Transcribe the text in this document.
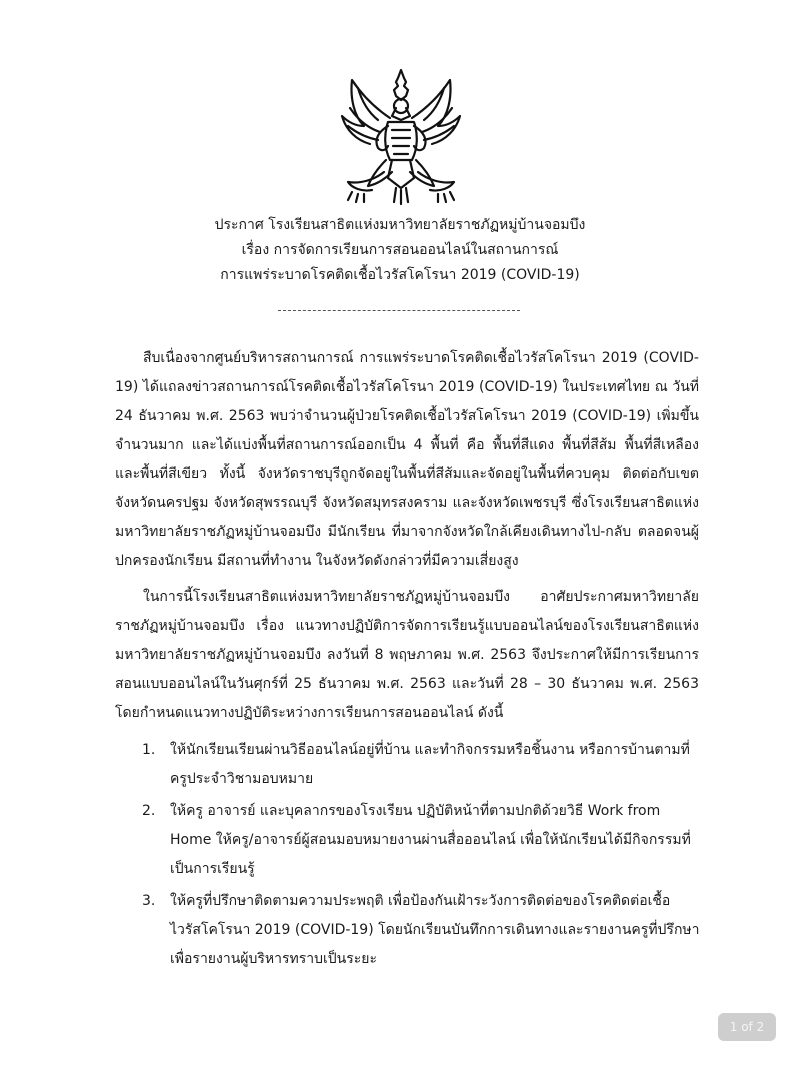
ประกาศ โรงเรียนสาธิตแห่งมหาวิทยาลัยราชภัฏหมู่บ้านจอมบึง
เรื่อง การจัดการเรียนการสอนออนไลน์ในสถานการณ์
การแพร่ระบาดโรคติดเชื้อไวรัสโคโรนา 2019 (COVID-19)
สืบเนื่องจากศูนย์บริหารสถานการณ์ การแพร่ระบาดโรคติดเชื้อไวรัสโคโรนา 2019 (COVID-19) ได้แถลงข่าวสถานการณ์โรคติดเชื้อไวรัสโคโรนา 2019 (COVID-19) ในประเทศไทย ณ วันที่ 24 ธันวาคม พ.ศ. 2563 พบว่าจำนวนผู้ป่วยโรคติดเชื้อไวรัสโคโรนา 2019 (COVID-19) เพิ่มขึ้นจำนวนมาก และได้แบ่งพื้นที่สถานการณ์ออกเป็น 4 พื้นที่ คือ พื้นที่สีแดง พื้นที่สีส้ม พื้นที่สีเหลือง และพื้นที่สีเขียว ทั้งนี้ จังหวัดราชบุรีถูกจัดอยู่ในพื้นที่สีส้มและจัดอยู่ในพื้นที่ควบคุม ติดต่อกับเขตจังหวัดนครปฐม จังหวัดสุพรรณบุรี จังหวัดสมุทรสงคราม และจังหวัดเพชรบุรี ซึ่งโรงเรียนสาธิตแห่งมหาวิทยาลัยราชภัฏหมู่บ้านจอมบึง มีนักเรียน ที่มาจากจังหวัดใกล้เคียงเดินทางไป-กลับ ตลอดจนผู้ปกครองนักเรียน มีสถานที่ทำงาน ในจังหวัดดังกล่าวที่มีความเสี่ยงสูง
ในการนี้โรงเรียนสาธิตแห่งมหาวิทยาลัยราชภัฏหมู่บ้านจอมบึง อาศัยประกาศมหาวิทยาลัยราชภัฏหมู่บ้านจอมบึง เรื่อง แนวทางปฏิบัติการจัดการเรียนรู้แบบออนไลน์ของโรงเรียนสาธิตแห่งมหาวิทยาลัยราชภัฏหมู่บ้านจอมบึง ลงวันที่ 8 พฤษภาคม พ.ศ. 2563 จึงประกาศให้มีการเรียนการสอนแบบออนไลน์ในวันศุกร์ที่ 25 ธันวาคม พ.ศ. 2563 และวันที่ 28 – 30 ธันวาคม พ.ศ. 2563 โดยกำหนดแนวทางปฏิบัติระหว่างการเรียนการสอนออนไลน์ ดังนี้
1. ให้นักเรียนเรียนผ่านวิธีออนไลน์อยู่ที่บ้าน และทำกิจกรรมหรือชิ้นงาน หรือการบ้านตามที่ครูประจำวิชามอบหมาย
2. ให้ครู อาจารย์ และบุคลากรของโรงเรียน ปฏิบัติหน้าที่ตามปกติด้วยวิธี Work from Home ให้ครู/อาจารย์ผู้สอนมอบหมายงานผ่านสื่อออนไลน์ เพื่อให้นักเรียนได้มีกิจกรรมที่เป็นการเรียนรู้
3. ให้ครูที่ปรึกษาติดตามความประพฤติ เพื่อป้องกันเฝ้าระวังการติดต่อของโรคติดต่อเชื้อไวรัสโคโรนา 2019 (COVID-19) โดยนักเรียนบันทึกการเดินทางและรายงานครูที่ปรึกษา เพื่อรายงานผู้บริหารทราบเป็นระยะ
1 of 2
